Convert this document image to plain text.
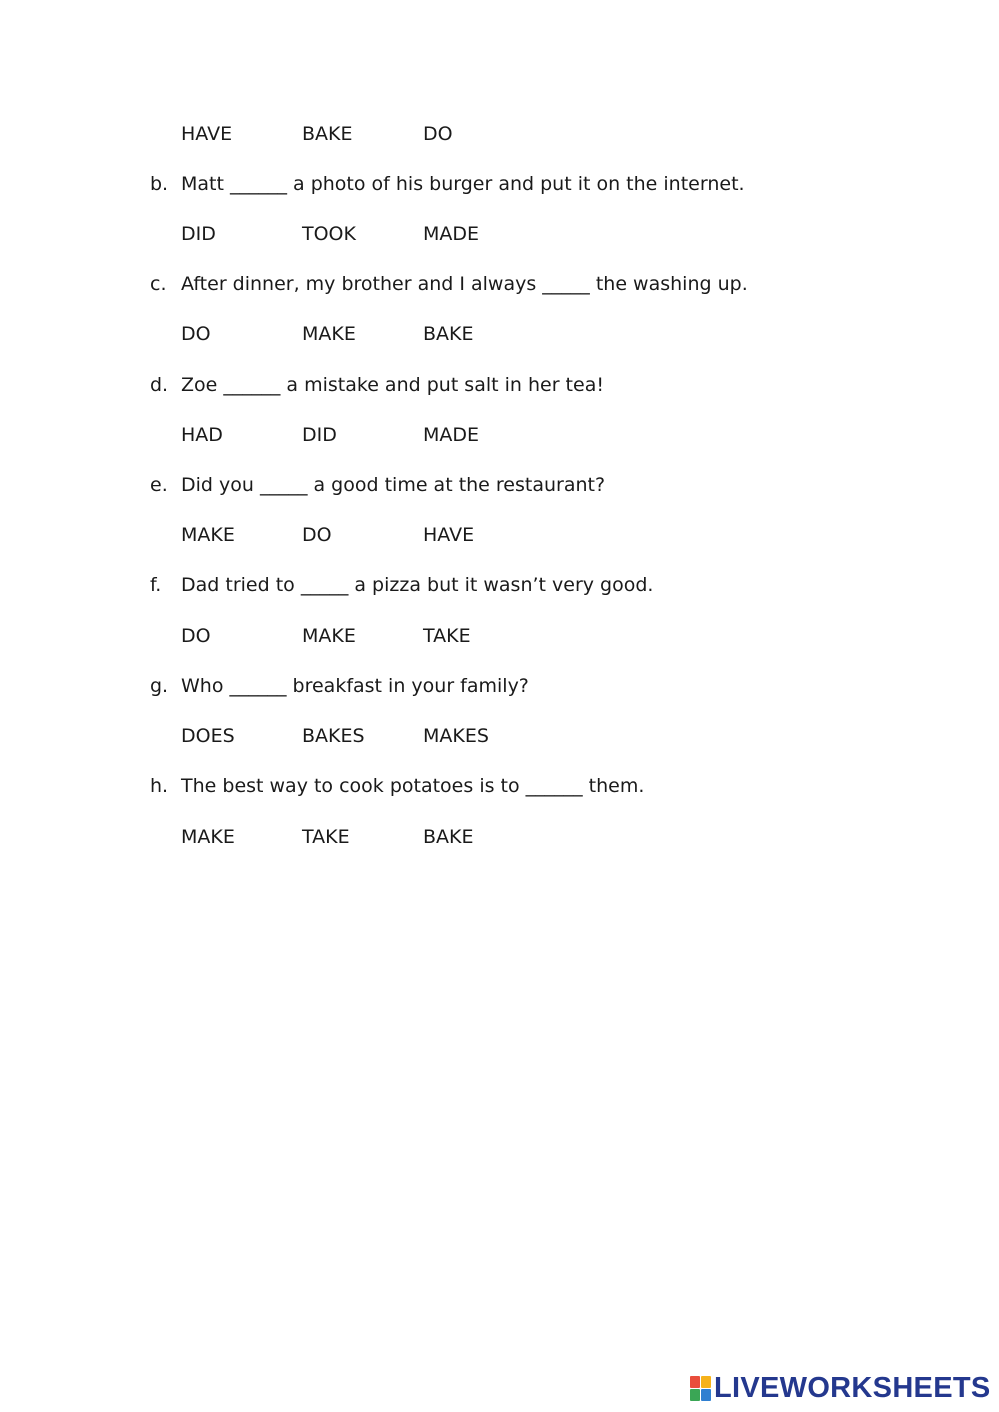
HAVE	BAKE	DO
b. Matt ______ a photo of his burger and put it on the internet.
DID	TOOK	MADE
c. After dinner, my brother and I always _____ the washing up.
DO	MAKE	BAKE
d. Zoe ______ a mistake and put salt in her tea!
HAD	DID	MADE
e. Did you _____ a good time at the restaurant?
MAKE	DO	HAVE
f. Dad tried to _____ a pizza but it wasn’t very good.
DO	MAKE	TAKE
g. Who ______ breakfast in your family?
DOES	BAKES	MAKES
h. The best way to cook potatoes is to ______ them.
MAKE	TAKE	BAKE
LIVEWORKSHEETS
